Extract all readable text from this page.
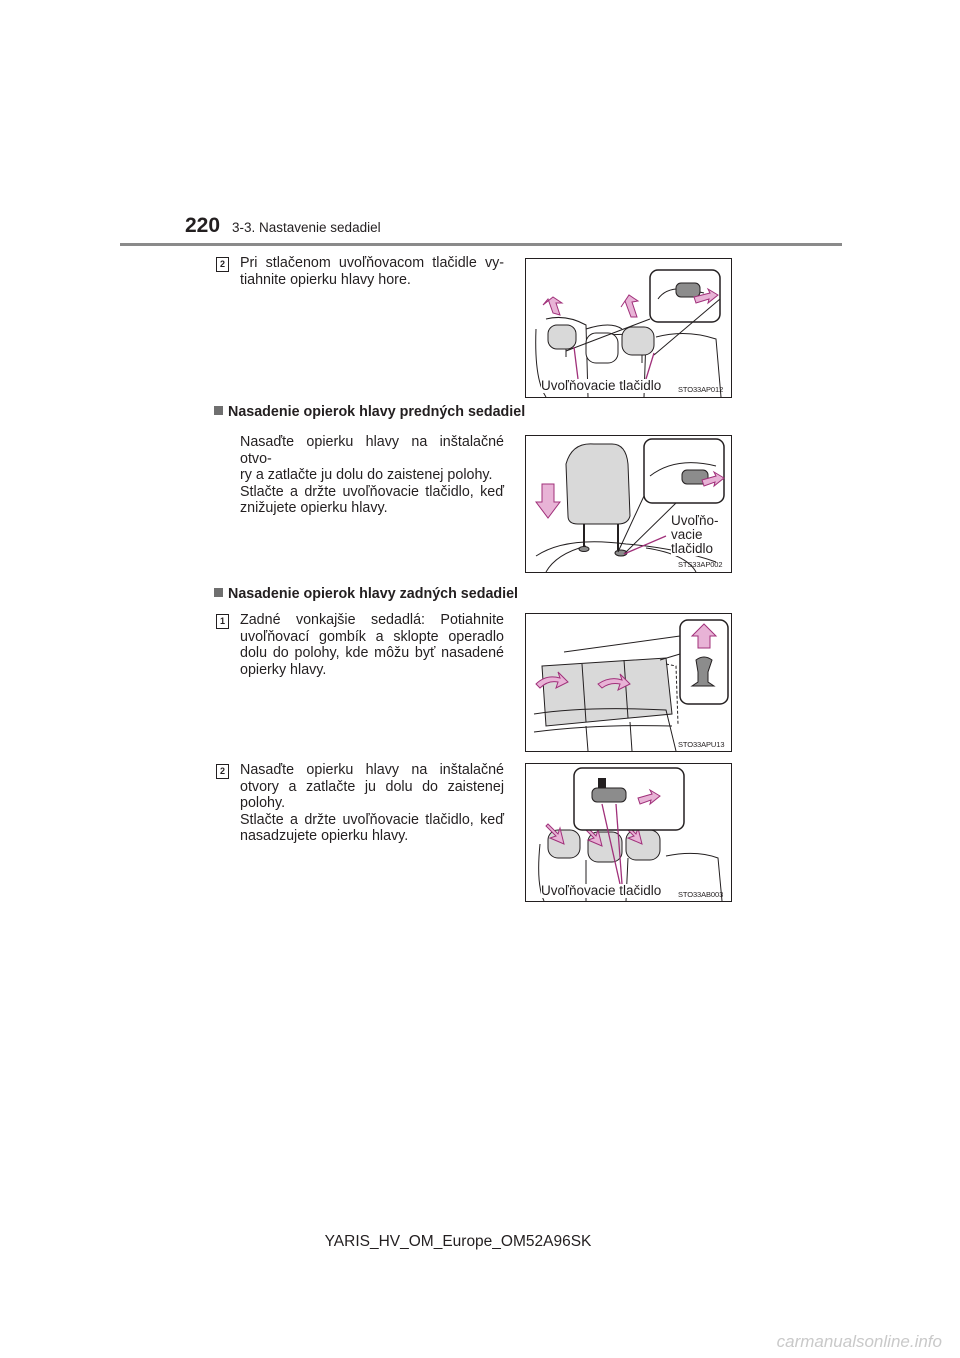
220 3-3. Nastavenie sedadiel
2 Pri stlačenom uvoľňovacom tlačidle vy-
tiahnite opierku hlavy hore.
Uvoľňovacie tlačidlo STO33AP012
Nasadenie opierok hlavy predných sedadiel
Nasaďte opierku hlavy na inštalačné otvo-
ry a zatlačte ju dolu do zaistenej polohy.
Stlačte a držte uvoľňovacie tlačidlo, keď
znižujete opierku hlavy.
Uvoľňo-
vacie
tlačidlo
STS33AP002
Nasadenie opierok hlavy zadných sedadiel
1 Zadné vonkajšie sedadlá: Potiahnite
uvoľňovací gombík a sklopte operadlo
dolu do polohy, kde môžu byť nasadené
opierky hlavy.
STO33APU13
2 Nasaďte opierku hlavy na inštalačné
otvory a zatlačte ju dolu do zaistenej
polohy.
Stlačte a držte uvoľňovacie tlačidlo, keď
nasadzujete opierku hlavy.
Uvoľňovacie tlačidlo STO33AB003
YARIS_HV_OM_Europe_OM52A96SK
carmanualsonline.info
